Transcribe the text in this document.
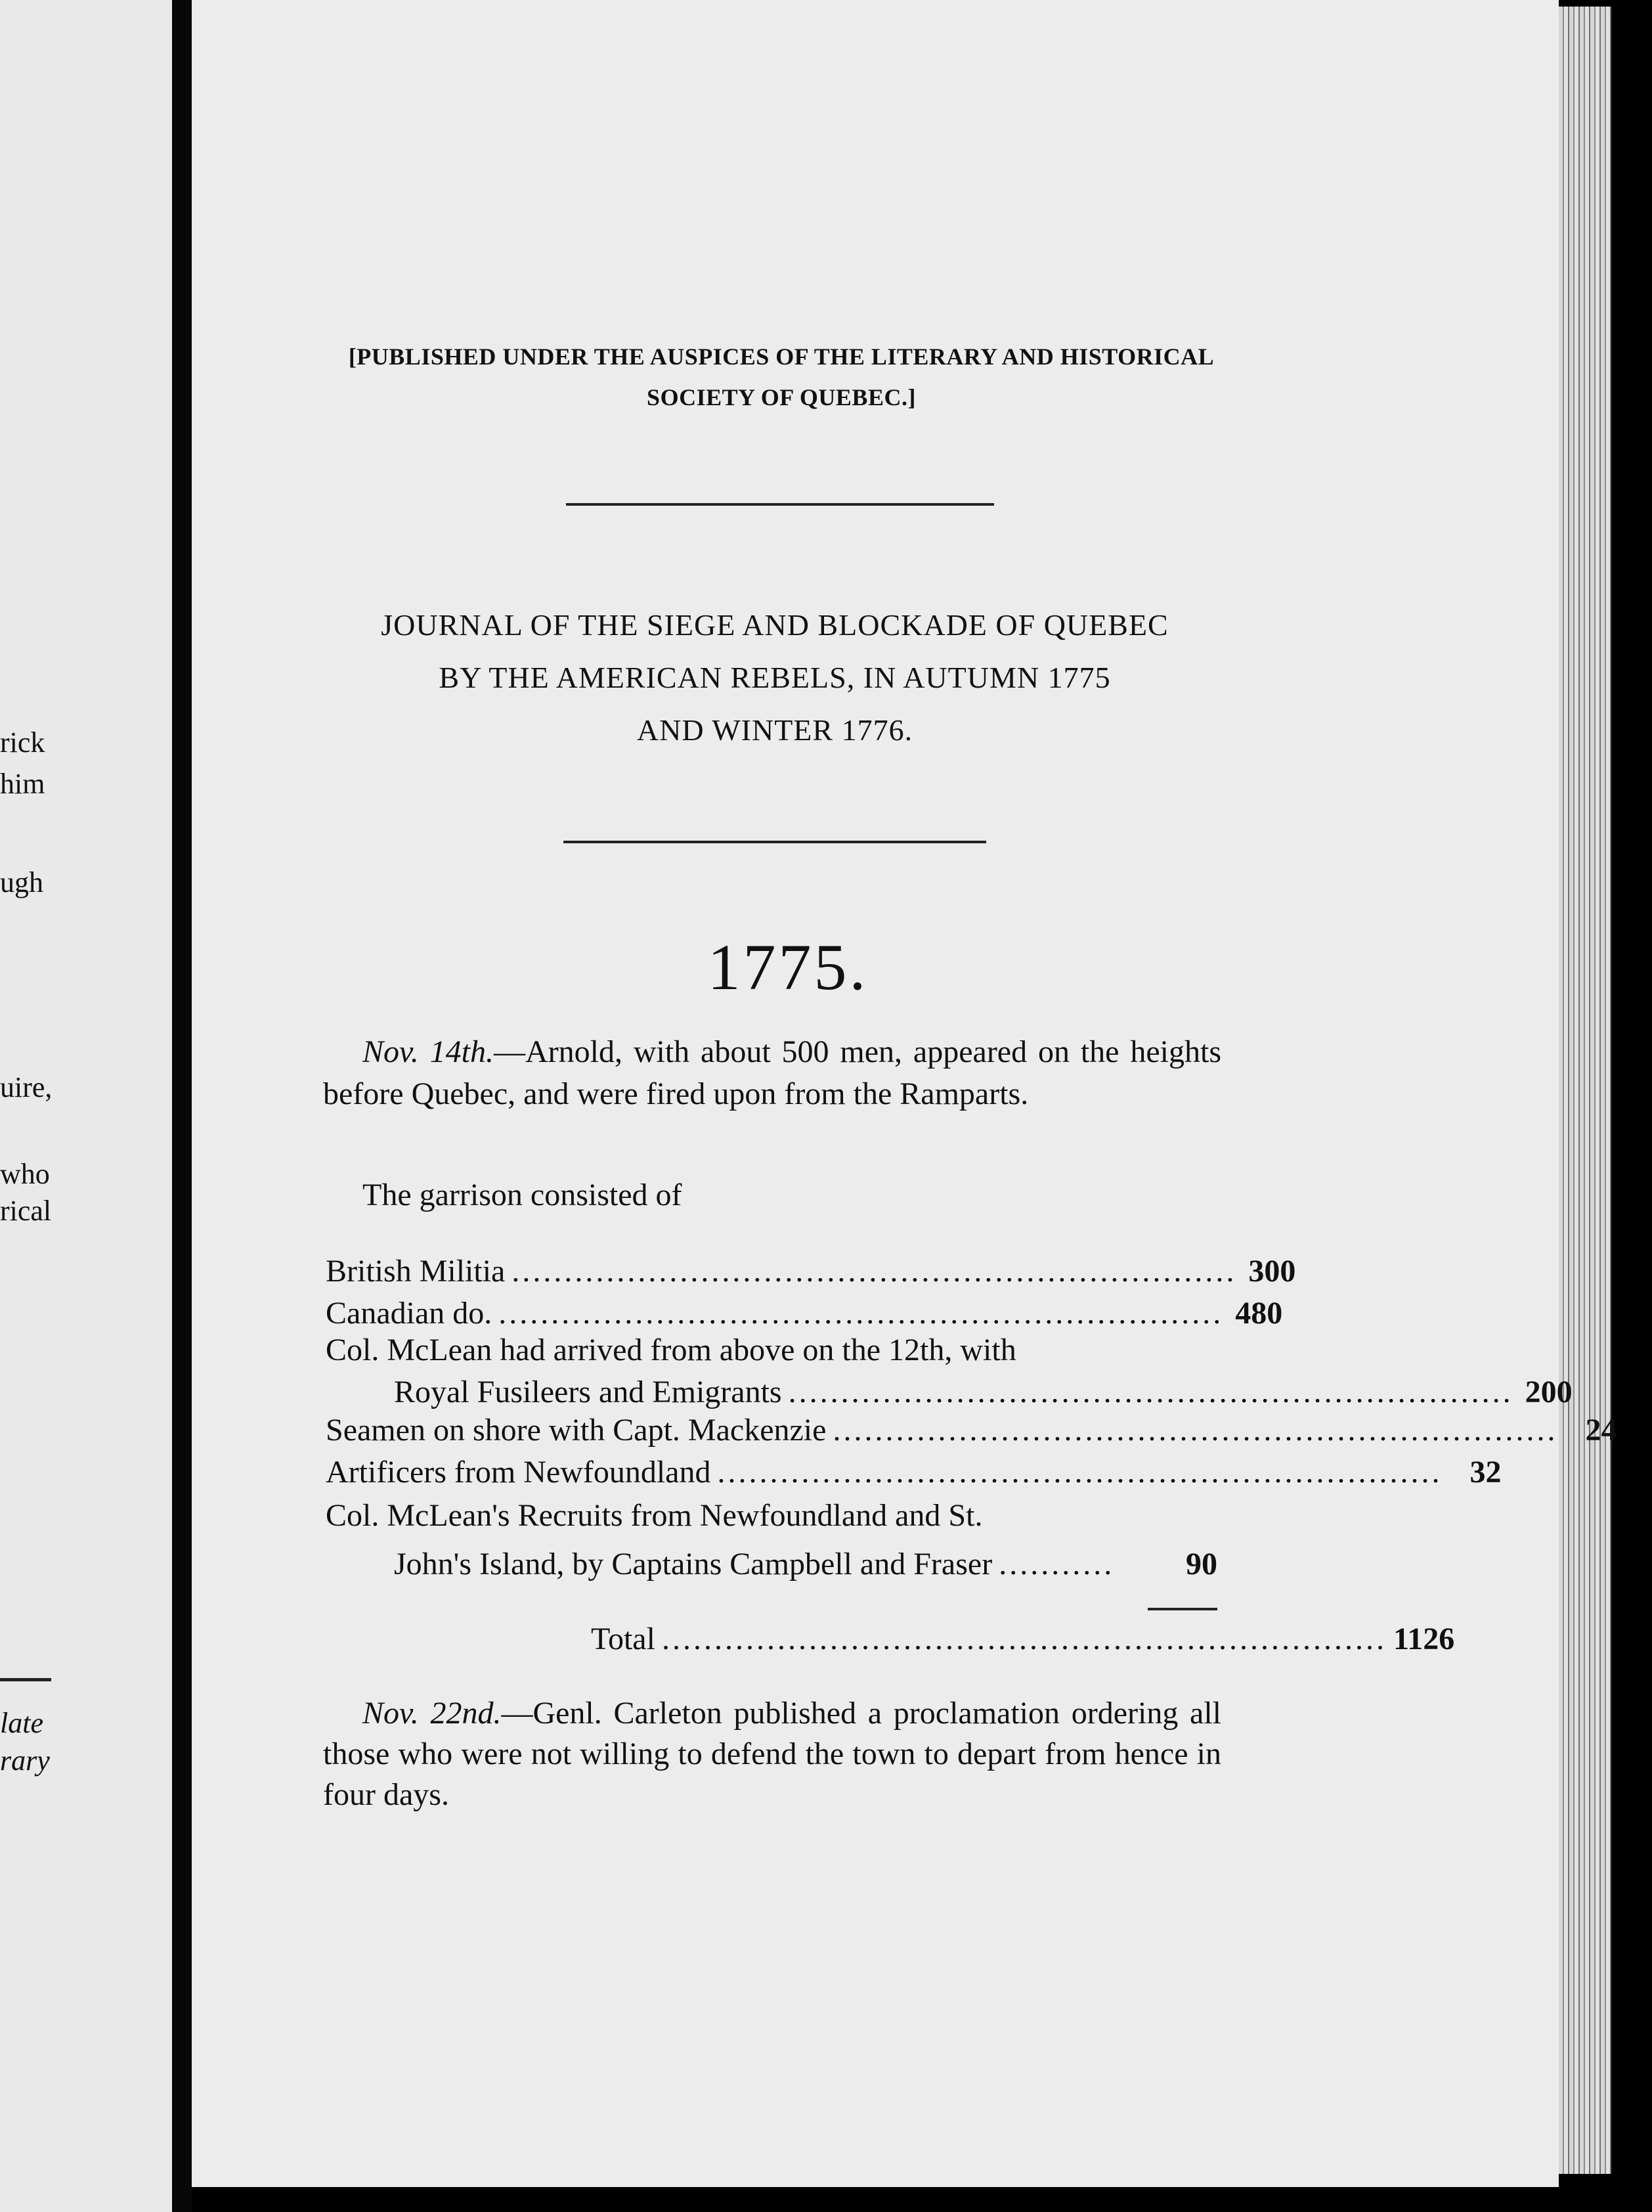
rick
him
ugh
uire,
who
rical
late
rary
[PUBLISHED UNDER THE AUSPICES OF THE LITERARY AND HISTORICAL
SOCIETY OF QUEBEC.]
JOURNAL OF THE SIEGE AND BLOCKADE OF QUEBEC
BY THE AMERICAN REBELS, IN AUTUMN 1775
AND WINTER 1776.
1775.
Nov. 14th.—Arnold, with about 500 men, appeared on the heights before Quebec, and were fired upon from the Ramparts.
The garrison consisted of
British Militia ..................................................................... 300
Canadian do. ..................................................................... 480
Col. McLean had arrived from above on the 12th, with
Royal Fusileers and Emigrants ..................................................................... 200
Seamen on shore with Capt. Mackenzie ..................................................................... 24
Artificers from Newfoundland ..................................................................... 32
Col. McLean's Recruits from Newfoundland and St.
John's Island, by Captains Campbell and Fraser ...........	90
Total ..................................................................... 1126
Nov. 22nd.—Genl. Carleton published a proclamation ordering all those who were not willing to defend the town to depart from hence in four days.
